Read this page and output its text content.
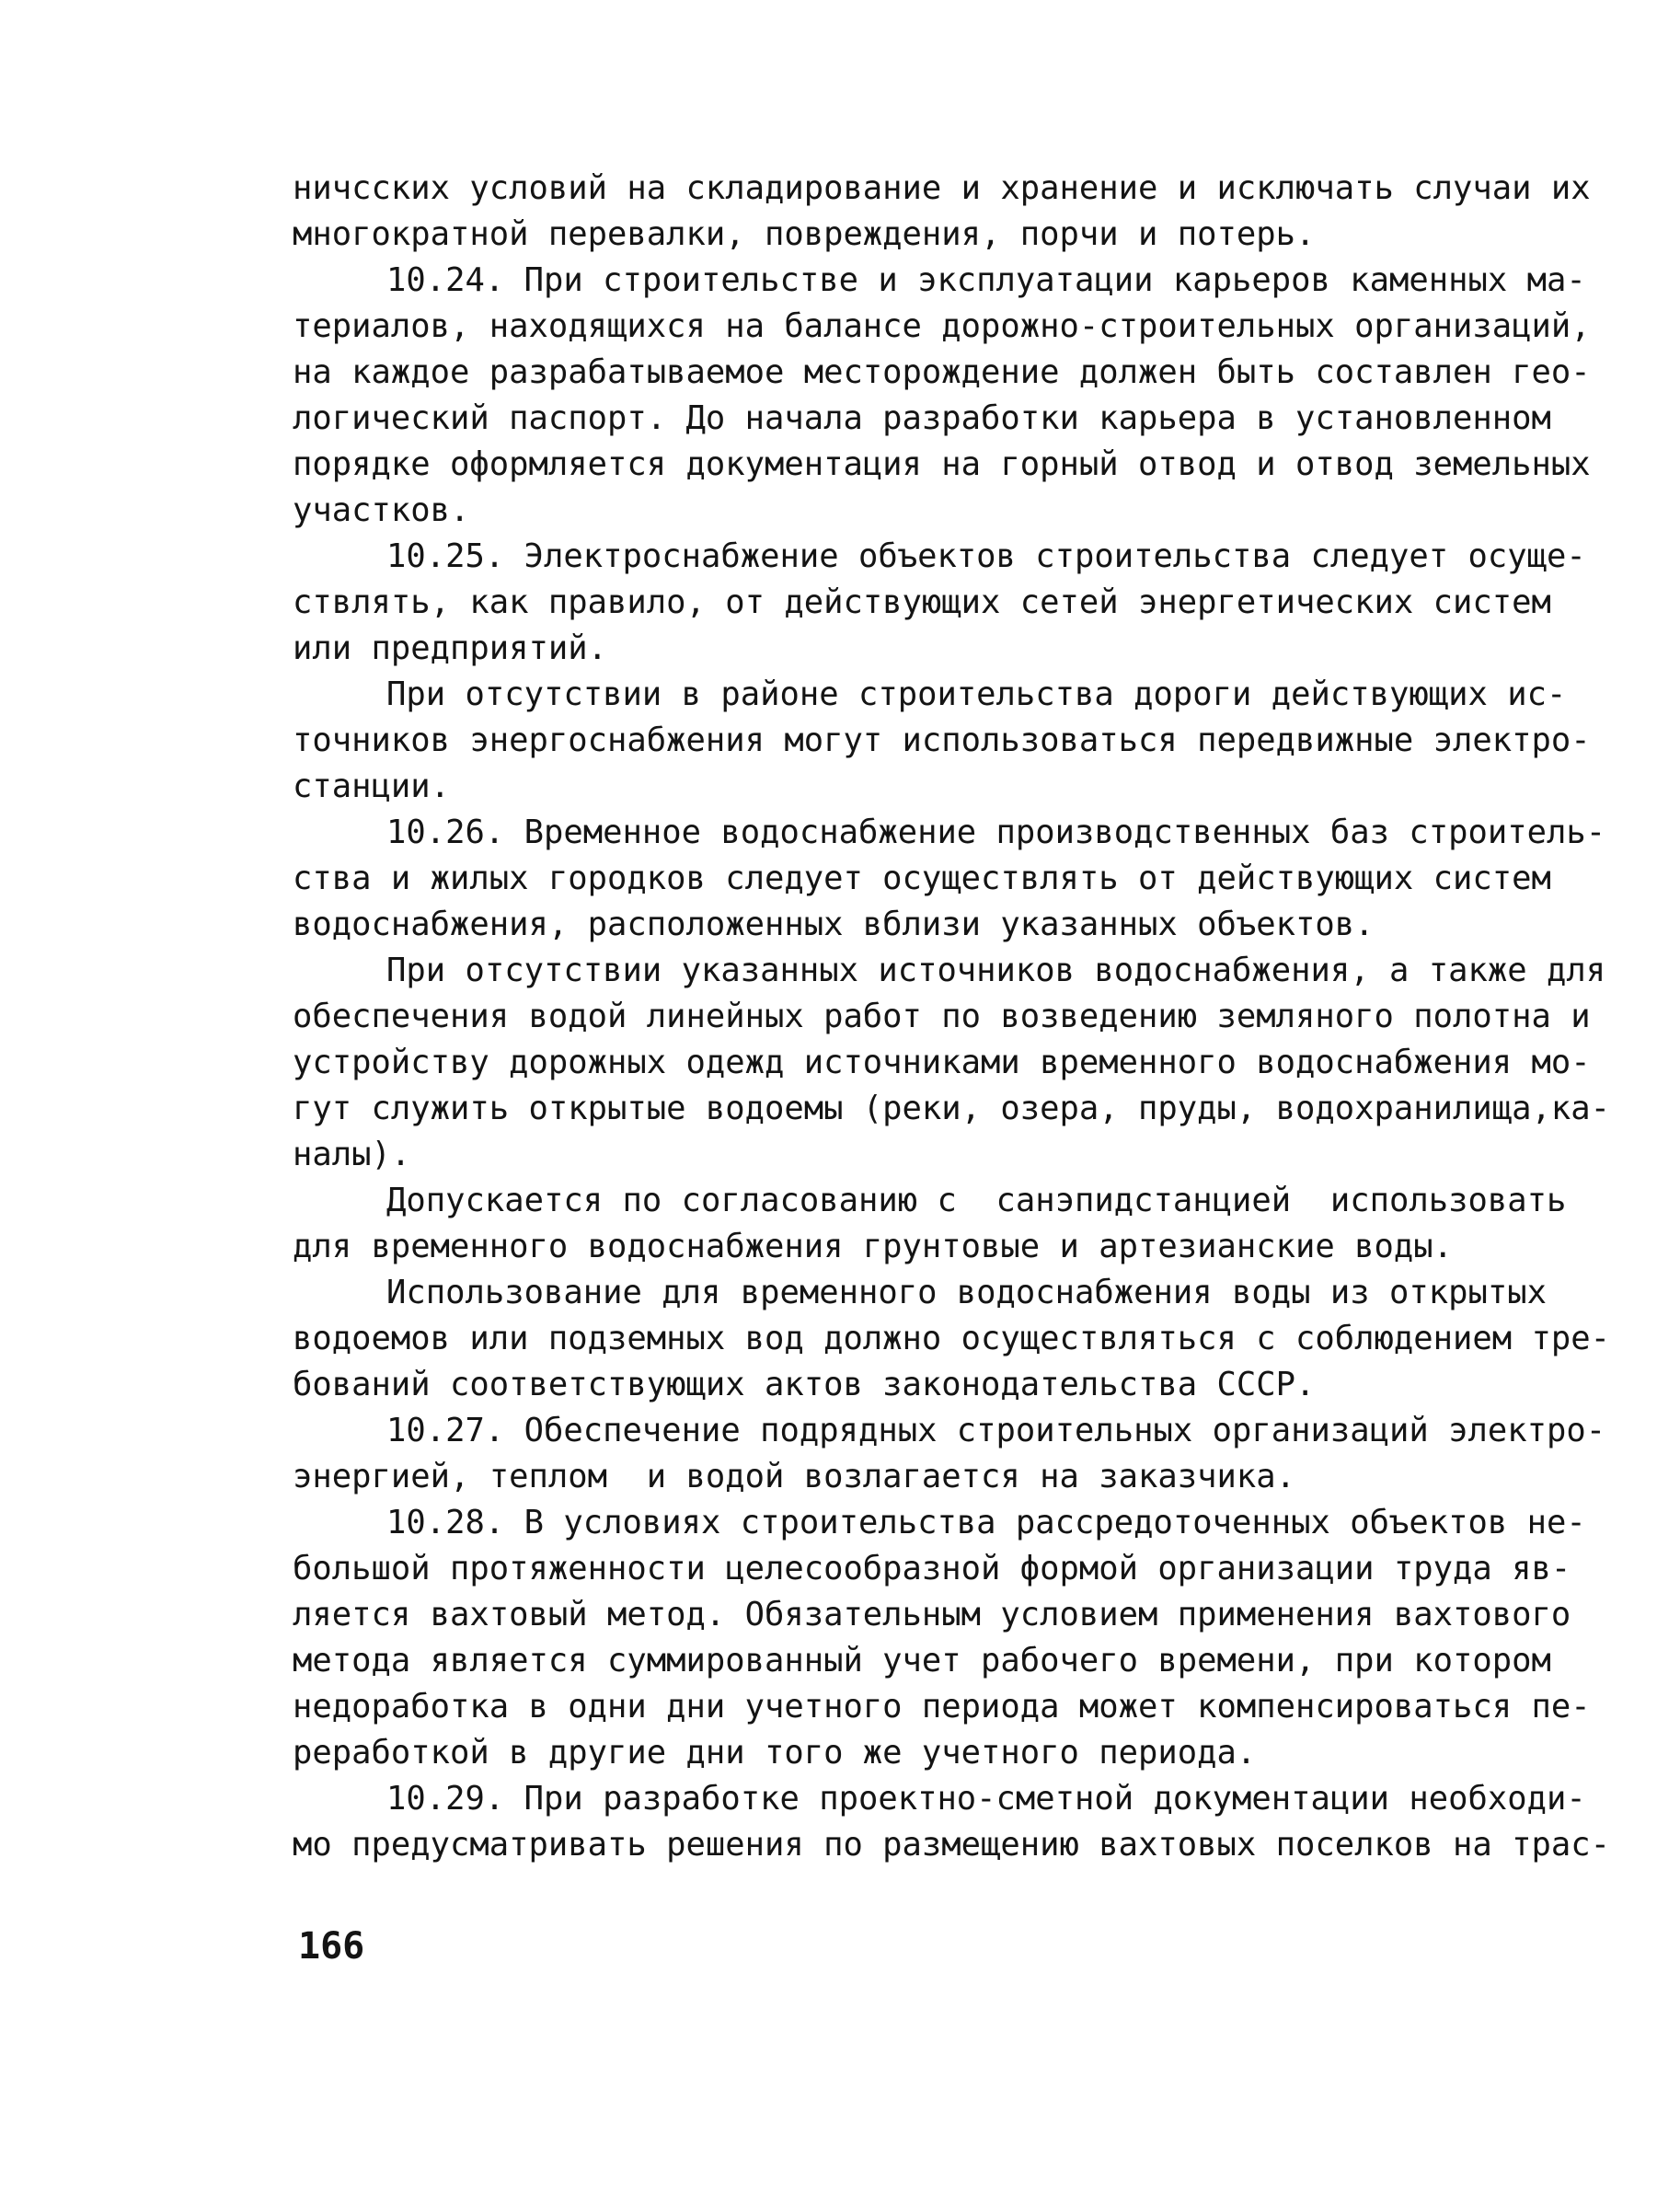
ничсских условий на складирование и хранение и исключать случаи их
многократной перевалки, повреждения, порчи и потерь.
10.24. При строительстве и эксплуатации карьеров каменных ма-
териалов, находящихся на балансе дорожно-строительных организаций,
на каждое разрабатываемое месторождение должен быть составлен гео-
логический паспорт. До начала разработки карьера в установленном
порядке оформляется документация на горный отвод и отвод земельных
участков.
10.25. Электроснабжение объектов строительства следует осуще-
ствлять, как правило, от действующих сетей энергетических систем
или предприятий.
При отсутствии в районе строительства дороги действующих ис-
точников энергоснабжения могут использоваться передвижные электро-
станции.
10.26. Временное водоснабжение производственных баз строитель-
ства и жилых городков следует осуществлять от действующих систем
водоснабжения, расположенных вблизи указанных объектов.
При отсутствии указанных источников водоснабжения, а также для
обеспечения водой линейных работ по возведению земляного полотна и
устройству дорожных одежд источниками временного водоснабжения мо-
гут служить открытые водоемы (реки, озера, пруды, водохранилища,ка-
налы).
Допускается по согласованию с  санэпидстанцией  использовать
для временного водоснабжения грунтовые и артезианские воды.
Использование для временного водоснабжения воды из открытых
водоемов или подземных вод должно осуществляться с соблюдением тре-
бований соответствующих актов законодательства СССР.
10.27. Обеспечение подрядных строительных организаций электро-
энергией, теплом  и водой возлагается на заказчика.
10.28. В условиях строительства рассредоточенных объектов не-
большой протяженности целесообразной формой организации труда яв-
ляется вахтовый метод. Обязательным условием применения вахтового
метода является суммированный учет рабочего времени, при котором
недоработка в одни дни учетного периода может компенсироваться пе-
реработкой в другие дни того же учетного периода.
10.29. При разработке проектно-сметной документации необходи-
мо предусматривать решения по размещению вахтовых поселков на трас-
166
